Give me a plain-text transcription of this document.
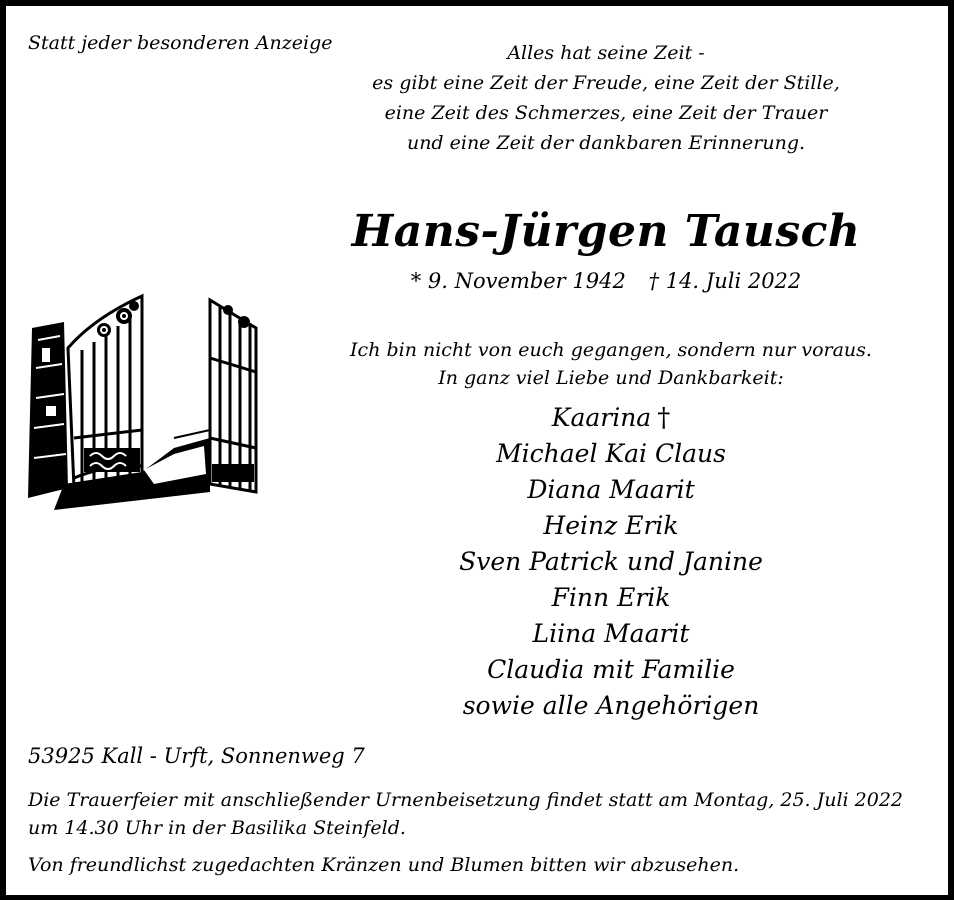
Statt jeder besonderen Anzeige	Alles hat seine Zeit -
es gibt eine Zeit der Freude, eine Zeit der Stille,
eine Zeit des Schmerzes, eine Zeit der Trauer
und eine Zeit der dankbaren Erinnerung.
Hans-Jürgen Tausch
* 9. November 1942 † 14. Juli 2022
Ich bin nicht von euch gegangen, sondern nur voraus.
In ganz viel Liebe und Dankbarkeit:
Kaarina †
Michael Kai Claus
Diana Maarit
Heinz Erik
Sven Patrick und Janine
Finn Erik
Liina Maarit
Claudia mit Familie
sowie alle Angehörigen
53925 Kall - Urft, Sonnenweg 7
Die Trauerfeier mit anschließender Urnenbeisetzung findet statt am Montag, 25. Juli 2022
um 14.30 Uhr in der Basilika Steinfeld.
Von freundlichst zugedachten Kränzen und Blumen bitten wir abzusehen.
